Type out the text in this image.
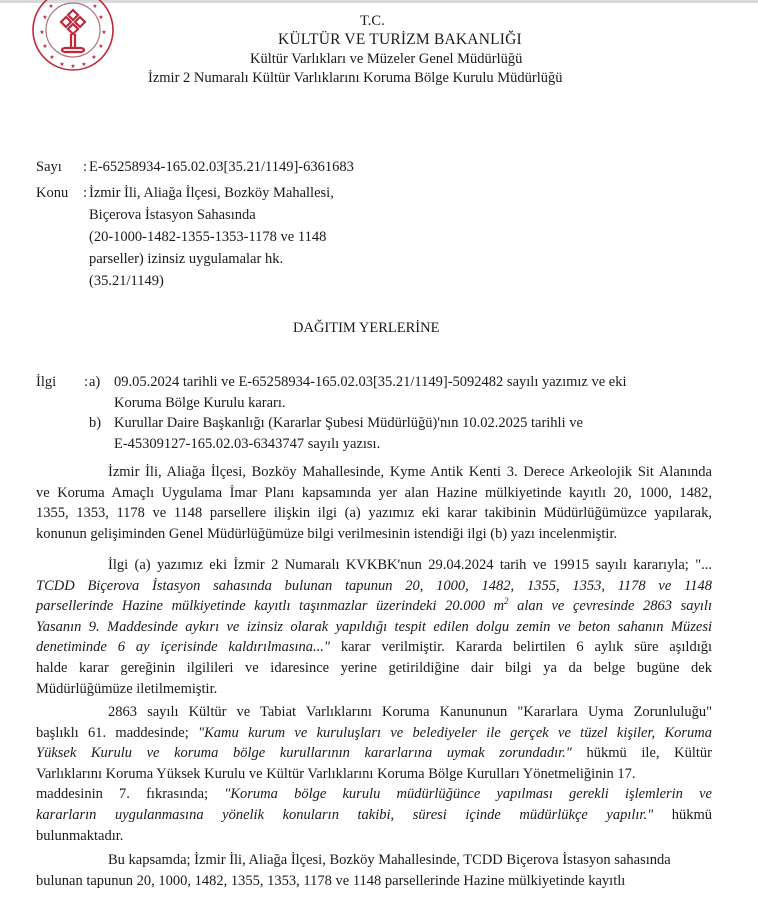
★	★
★	★
★	★
★	★
★
★	★
★	★
T.C.
KÜLTÜR VE TURİZM BAKANLIĞI
Kültür Varlıkları ve Müzeler Genel Müdürlüğü
İzmir 2 Numaralı Kültür Varlıklarını Koruma Bölge Kurulu Müdürlüğü
Sayı : E-65258934-165.02.03[35.21/1149]-6361683
Konu : İzmir İli, Aliağa İlçesi, Bozköy Mahallesi,
Biçerova İstasyon Sahasında
(20-1000-1482-1355-1353-1178 ve 1148
parseller) izinsiz uygulamalar hk.
(35.21/1149)
DAĞITIM YERLERİNE
İlgi : a) 09.05.2024 tarihli ve E-65258934-165.02.03[35.21/1149]-5092482 sayılı yazımız ve eki
Koruma Bölge Kurulu kararı.
b) Kurullar Daire Başkanlığı (Kararlar Şubesi Müdürlüğü)'nın 10.02.2025 tarihli ve
E-45309127-165.02.03-6343747 sayılı yazısı.
İzmir İli, Aliağa İlçesi, Bozköy Mahallesinde, Kyme Antik Kenti 3. Derece Arkeolojik Sit Alanında
ve Koruma Amaçlı Uygulama İmar Planı kapsamında yer alan Hazine mülkiyetinde kayıtlı 20, 1000, 1482,
1355, 1353, 1178 ve 1148 parsellere ilişkin ilgi (a) yazımız eki karar takibinin Müdürlüğümüzce yapılarak,
konunun gelişiminden Genel Müdürlüğümüze bilgi verilmesinin istendiği ilgi (b) yazı incelenmiştir.
İlgi (a) yazımız eki İzmir 2 Numaralı KVKBK'nun 29.04.2024 tarih ve 19915 sayılı kararıyla; "...
TCDD Biçerova İstasyon sahasında bulunan tapunun 20, 1000, 1482, 1355, 1353, 1178 ve 1148
parsellerinde Hazine mülkiyetinde kayıtlı taşınmazlar üzerindeki 20.000 $m^2$ alan ve çevresinde 2863 sayılı
Yasanın 9. Maddesinde aykırı ve izinsiz olarak yapıldığı tespit edilen dolgu zemin ve beton sahanın Müzesi
denetiminde 6 ay içerisinde kaldırılmasına..." karar verilmiştir. Kararda belirtilen 6 aylık süre aşıldığı
halde karar gereğinin ilgilileri ve idaresince yerine getirildiğine dair bilgi ya da belge bugüne dek
Müdürlüğümüze iletilmemiştir.
2863 sayılı Kültür ve Tabiat Varlıklarını Koruma Kanununun "Kararlara Uyma Zorunluluğu"
başlıklı 61. maddesinde; "Kamu kurum ve kuruluşları ve belediyeler ile gerçek ve tüzel kişiler, Koruma
Yüksek Kurulu ve koruma bölge kurullarının kararlarına uymak zorundadır." hükmü ile, Kültür
Varlıklarını Koruma Yüksek Kurulu ve Kültür Varlıklarını Koruma Bölge Kurulları Yönetmeliğinin 17.
maddesinin 7. fıkrasında; "Koruma bölge kurulu müdürlüğünce yapılması gerekli işlemlerin ve
kararların uygulanmasına yönelik konuların takibi, süresi içinde müdürlükçe yapılır." hükmü
bulunmaktadır.
Bu kapsamda; İzmir İli, Aliağa İlçesi, Bozköy Mahallesinde, TCDD Biçerova İstasyon sahasında
bulunan tapunun 20, 1000, 1482, 1355, 1353, 1178 ve 1148 parsellerinde Hazine mülkiyetinde kayıtlı
